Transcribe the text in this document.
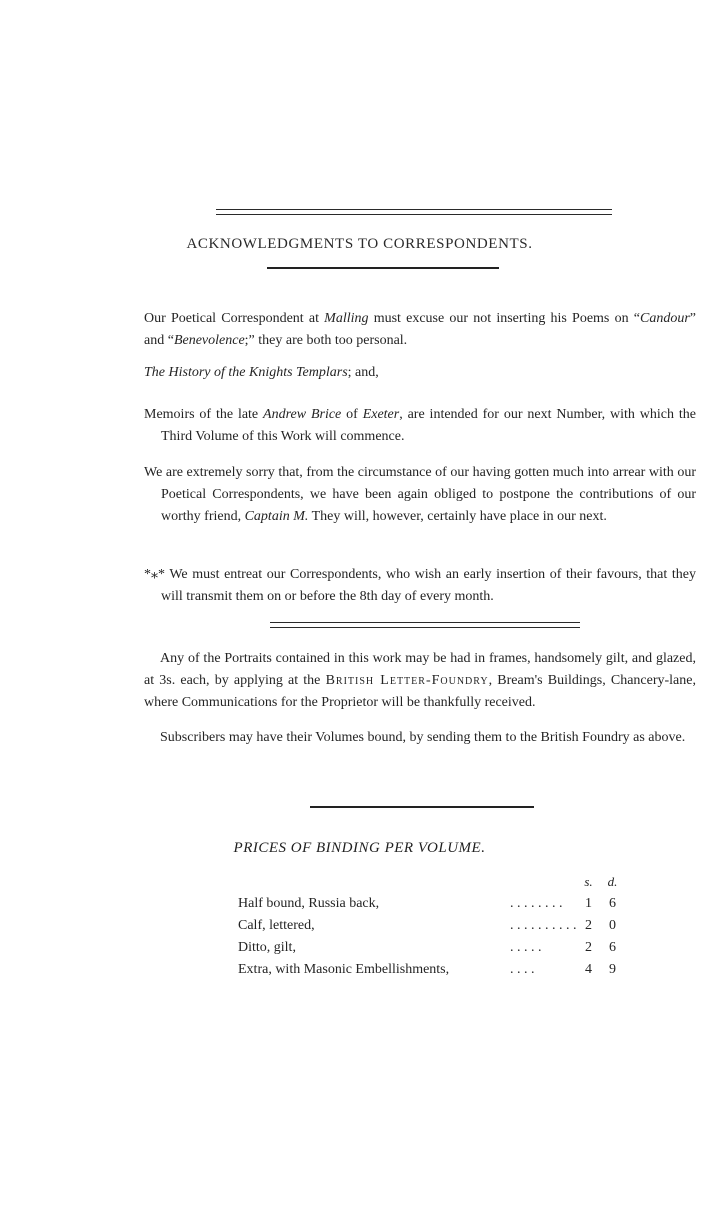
ACKNOWLEDGMENTS TO CORRESPONDENTS.
Our Poetical Correspondent at Malling must excuse our not inserting his Poems on “Candour” and “Benevolence;” they are both too personal.
The History of the Knights Templars; and,
Memoirs of the late Andrew Brice of Exeter, are intended for our next Number, with which the Third Volume of this Work will commence.
We are extremely sorry that, from the circumstance of our having gotten much into arrear with our Poetical Correspondents, we have been again obliged to postpone the contributions of our worthy friend, Captain M. They will, however, certainly have place in our next.
*⁎* We must entreat our Correspondents, who wish an early insertion of their favours, that they will transmit them on or before the 8th day of every month.
Any of the Portraits contained in this work may be had in frames, handsomely gilt, and glazed, at 3s. each, by applying at the British Letter-Foundry, Bream's Buildings, Chancery-lane, where Communications for the Proprietor will be thankfully received.
Subscribers may have their Volumes bound, by sending them to the British Foundry as above.
PRICES OF BINDING PER VOLUME.
		s.	d.
Half bound, Russia back,	. . . . . . . .	1	6
Calf, lettered,	. . . . . . . . . .	2	0
Ditto, gilt,	. . . . .	2	6
Extra, with Masonic Embellishments,	. . . .	4	9
